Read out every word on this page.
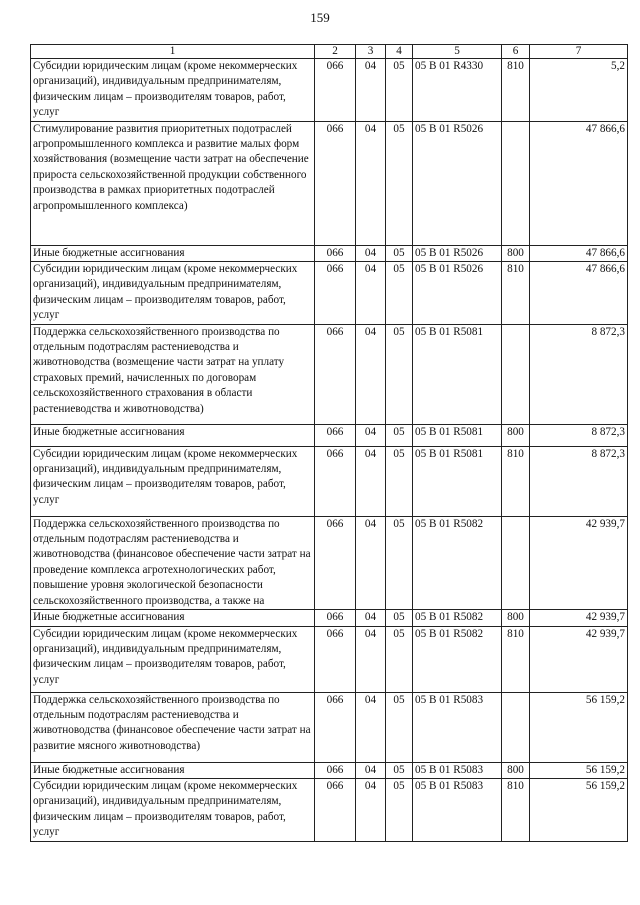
159
1	2	3	4	5	6	7
Субсидии юридическим лицам (кроме некоммерческих организаций), индивидуальным предпринимателям, физическим лицам – производителям товаров, работ, услуг	066	04	05	05 В 01 R4330	810	5,2
Стимулирование развития приоритетных подотраслей агропромышленного комплекса и развитие малых форм хозяйствования (возмещение части затрат на обеспечение прироста сельскохозяйственной продукции собственного производства в рамках приоритетных подотраслей агропромышленного комплекса)	066	04	05	05 В 01 R5026		47 866,6
Иные бюджетные ассигнования	066	04	05	05 В 01 R5026	800	47 866,6
Субсидии юридическим лицам (кроме некоммерческих организаций), индивидуальным предпринимателям, физическим лицам – производителям товаров, работ, услуг	066	04	05	05 В 01 R5026	810	47 866,6
Поддержка сельскохозяйственного производства по отдельным подотраслям растениеводства и животноводства (возмещение части затрат на уплату страховых премий, начисленных по договорам сельскохозяйственного страхования в области растениеводства и животноводства)	066	04	05	05 В 01 R5081		8 872,3
Иные бюджетные ассигнования	066	04	05	05 В 01 R5081	800	8 872,3
Субсидии юридическим лицам (кроме некоммерческих организаций), индивидуальным предпринимателям, физическим лицам – производителям товаров, работ, услуг	066	04	05	05 В 01 R5081	810	8 872,3
Поддержка сельскохозяйственного производства по отдельным подотраслям растениеводства и животноводства (финансовое обеспечение части затрат на проведение комплекса агротехнологических работ, повышение уровня экологической безопасности сельскохозяйственного производства, а также на	066	04	05	05 В 01 R5082		42 939,7
Иные бюджетные ассигнования	066	04	05	05 В 01 R5082	800	42 939,7
Субсидии юридическим лицам (кроме некоммерческих организаций), индивидуальным предпринимателям, физическим лицам – производителям товаров, работ, услуг	066	04	05	05 В 01 R5082	810	42 939,7
Поддержка сельскохозяйственного производства по отдельным подотраслям растениеводства и животноводства (финансовое обеспечение части затрат на развитие мясного животноводства)	066	04	05	05 В 01 R5083		56 159,2
Иные бюджетные ассигнования	066	04	05	05 В 01 R5083	800	56 159,2
Субсидии юридическим лицам (кроме некоммерческих организаций), индивидуальным предпринимателям, физическим лицам – производителям товаров, работ, услуг	066	04	05	05 В 01 R5083	810	56 159,2
